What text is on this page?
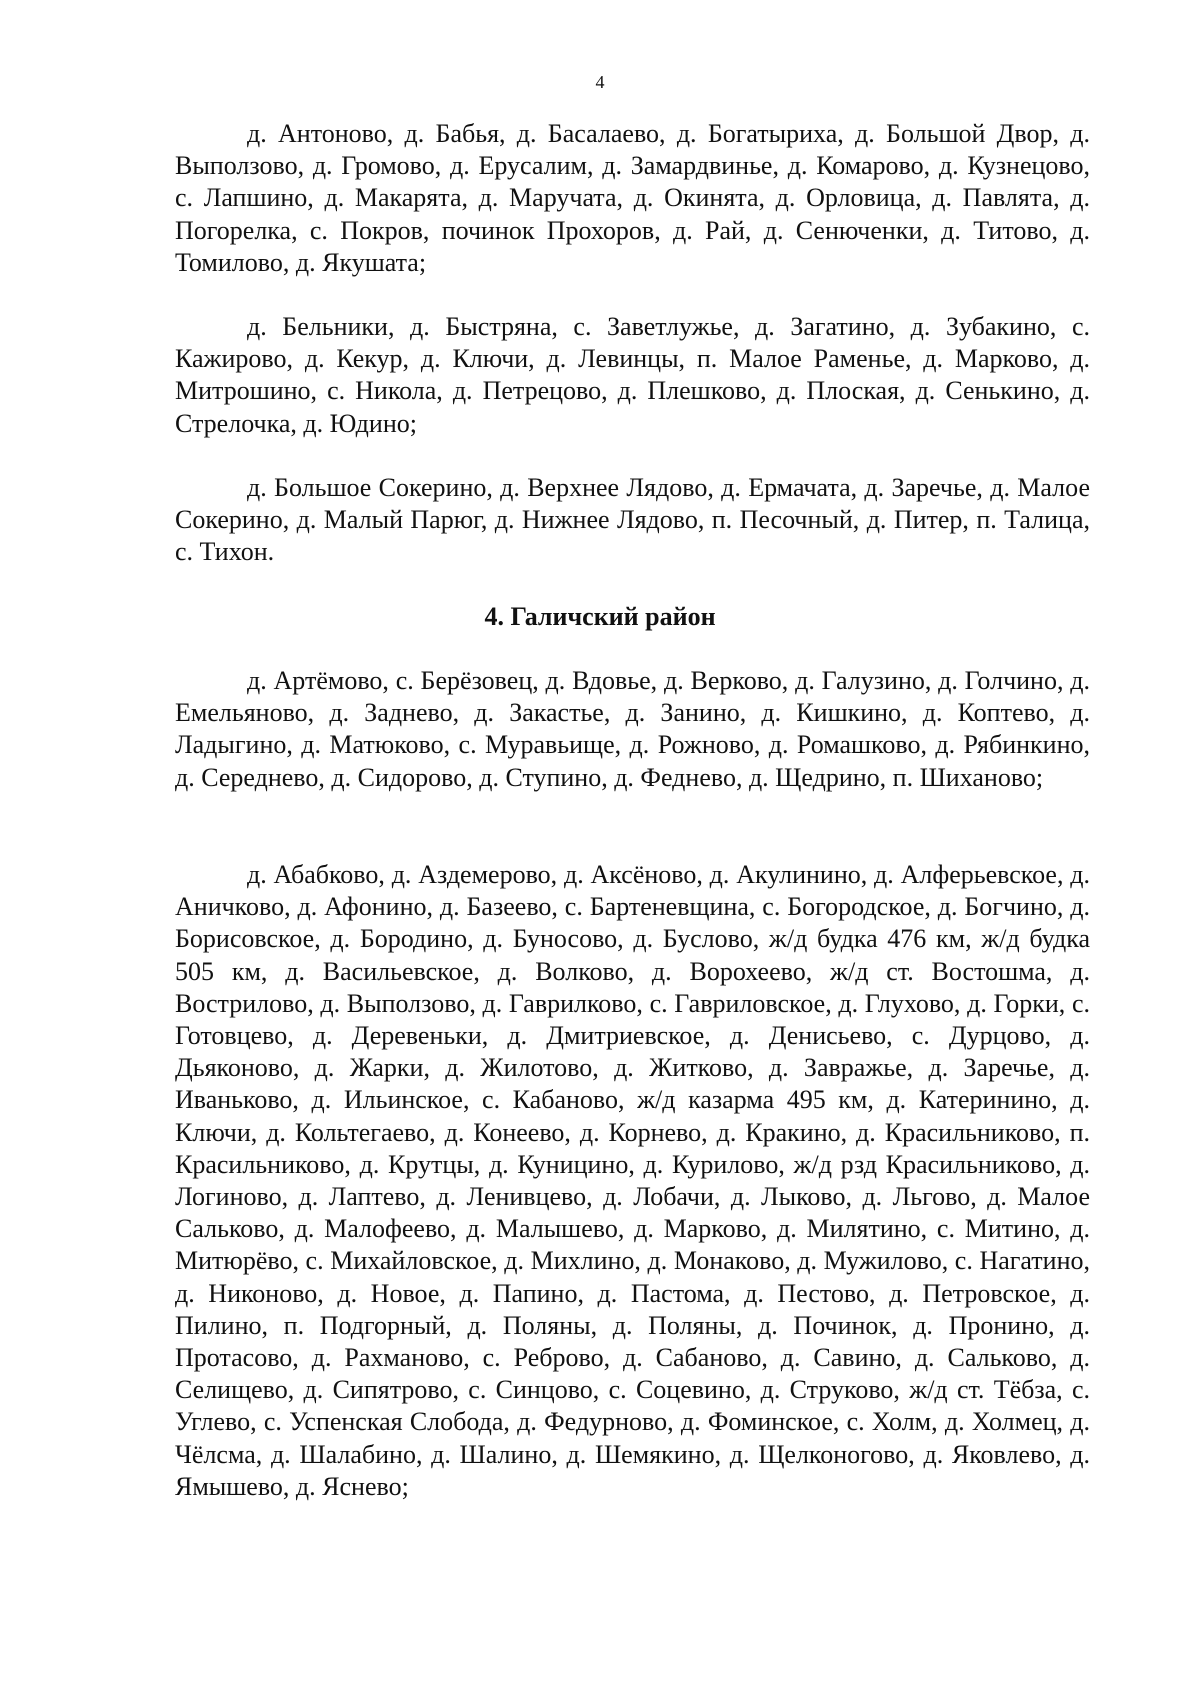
4

д. Антоново, д. Бабья, д. Басалаево, д. Богатыриха, д. Большой Двор, д. Выползово, д. Громово, д. Ерусалим, д. Замардвинье, д. Комарово, д. Кузнецово, с. Лапшино, д. Макарята, д. Маручата, д. Окинята, д. Орловица, д. Павлята, д. Погорелка, с. Покров, починок Прохоров, д. Рай, д. Сенюченки, д. Титово, д. Томилово, д. Якушата;

д. Бельники, д. Быстряна, с. Заветлужье, д. Загатино, д. Зубакино, с. Кажирово, д. Кекур, д. Ключи, д. Левинцы, п. Малое Раменье, д. Марково, д. Митрошино, с. Никола, д. Петрецово, д. Плешково, д. Плоская, д. Сенькино, д. Стрелочка, д. Юдино;

д. Большое Сокерино, д. Верхнее Лядово, д. Ермачата, д. Заречье, д. Малое Сокерино, д. Малый Парюг, д. Нижнее Лядово, п. Песочный, д. Питер, п. Талица, с. Тихон.

4. Галичский район

д. Артёмово, с. Берёзовец, д. Вдовье, д. Верково, д. Галузино, д. Голчино, д. Емельяново, д. Заднево, д. Закастье, д. Занино, д. Кишкино, д. Коптево, д. Ладыгино, д. Матюково, с. Муравьище, д. Рожново, д. Ромашково, д. Рябинкино, д. Середнево, д. Сидорово, д. Ступино, д. Феднево, д. Щедрино, п. Шиханово;

д. Абабково, д. Аздемерово, д. Аксёново, д. Акулинино, д. Алферьевское, д. Аничково, д. Афонино, д. Базеево, с. Бартеневщина, с. Богородское, д. Богчино, д. Борисовское, д. Бородино, д. Буносово, д. Буслово, ж/д будка 476 км, ж/д будка 505 км, д. Васильевское, д. Волково, д. Ворохеево, ж/д ст. Востошма, д. Вострилово, д. Выползово, д. Гаврилково, с. Гавриловское, д. Глухово, д. Горки, с. Готовцево, д. Деревеньки, д. Дмитриевское, д. Денисьево, с. Дурцово, д. Дьяконово, д. Жарки, д. Жилотово, д. Житково, д. Завражье, д. Заречье, д. Иваньково, д. Ильинское, с. Кабаново, ж/д казарма 495 км, д. Катеринино, д. Ключи, д. Кольтегаево, д. Конеево, д. Корнево, д. Кракино, д. Красильниково, п. Красильниково, д. Крутцы, д. Куницино, д. Курилово, ж/д рзд Красильниково, д. Логиново, д. Лаптево, д. Ленивцево, д. Лобачи, д. Лыково, д. Льгово, д. Малое Сальково, д. Малофеево, д. Малышево, д. Марково, д. Милятино, с. Митино, д. Митюрёво, с. Михайловское, д. Михлино, д. Монаково, д. Мужилово, с. Нагатино, д. Никоново, д. Новое, д. Папино, д. Пастома, д. Пестово, д. Петровское, д. Пилино, п. Подгорный, д. Поляны, д. Поляны, д. Починок, д. Пронино, д. Протасово, д. Рахманово, с. Реброво, д. Сабаново, д. Савино, д. Сальково, д. Селищево, д. Сипятрово, с. Синцово, с. Соцевино, д. Струково, ж/д ст. Тёбза, с. Углево, с. Успенская Слобода, д. Федурново, д. Фоминское, с. Холм, д. Холмец, д. Чёлсма, д. Шалабино, д. Шалино, д. Шемякино, д. Щелконогово, д. Яковлево, д. Ямышево, д. Яснево;
